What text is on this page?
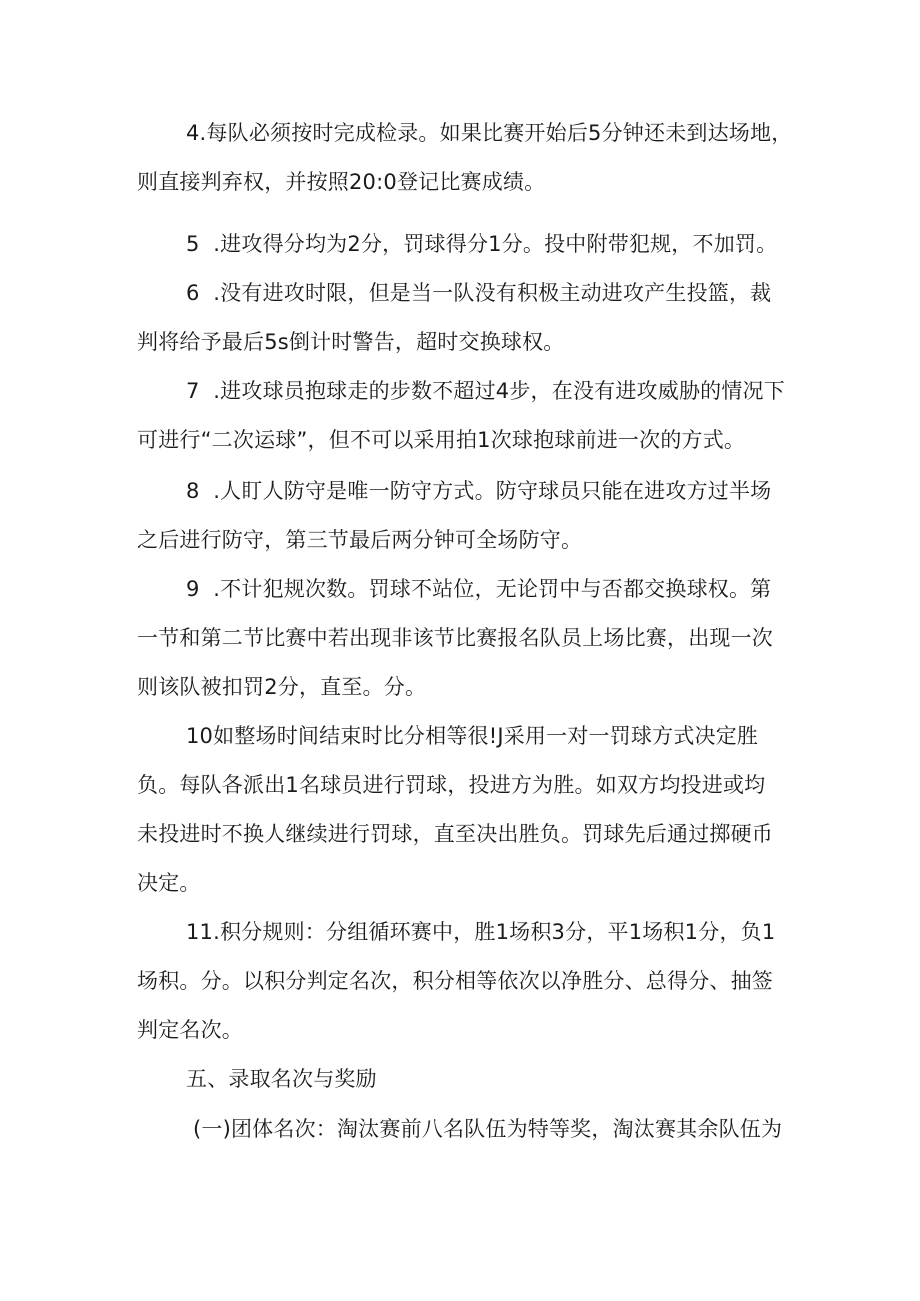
4.每队必须按时完成检录。如果比赛开始后5分钟还未到达场地，
则直接判弃权，并按照20:0登记比赛成绩。
5  .进攻得分均为2分，罚球得分1分。投中附带犯规，不加罚。
6  .没有进攻时限，但是当一队没有积极主动进攻产生投篮，裁
判将给予最后5s倒计时警告，超时交换球权。
7  .进攻球员抱球走的步数不超过4步，在没有进攻威胁的情况下
可进行“二次运球”，但不可以采用拍1次球抱球前进一次的方式。
8  .人盯人防守是唯一防守方式。防守球员只能在进攻方过半场
之后进行防守，第三节最后两分钟可全场防守。
9  .不计犯规次数。罚球不站位，无论罚中与否都交换球权。第
一节和第二节比赛中若出现非该节比赛报名队员上场比赛，出现一次
则该队被扣罚2分，直至。分。
10如整场时间结束时比分相等很!J采用一对一罚球方式决定胜
负。每队各派出1名球员进行罚球，投进方为胜。如双方均投进或均
未投进时不换人继续进行罚球，直至决出胜负。罚球先后通过掷硬币
决定。
11.积分规则：分组循环赛中，胜1场积3分，平1场积1分，负1
场积。分。以积分判定名次，积分相等依次以净胜分、总得分、抽签
判定名次。
五、录取名次与奖励
(一)团体名次：淘汰赛前八名队伍为特等奖，淘汰赛其余队伍为
